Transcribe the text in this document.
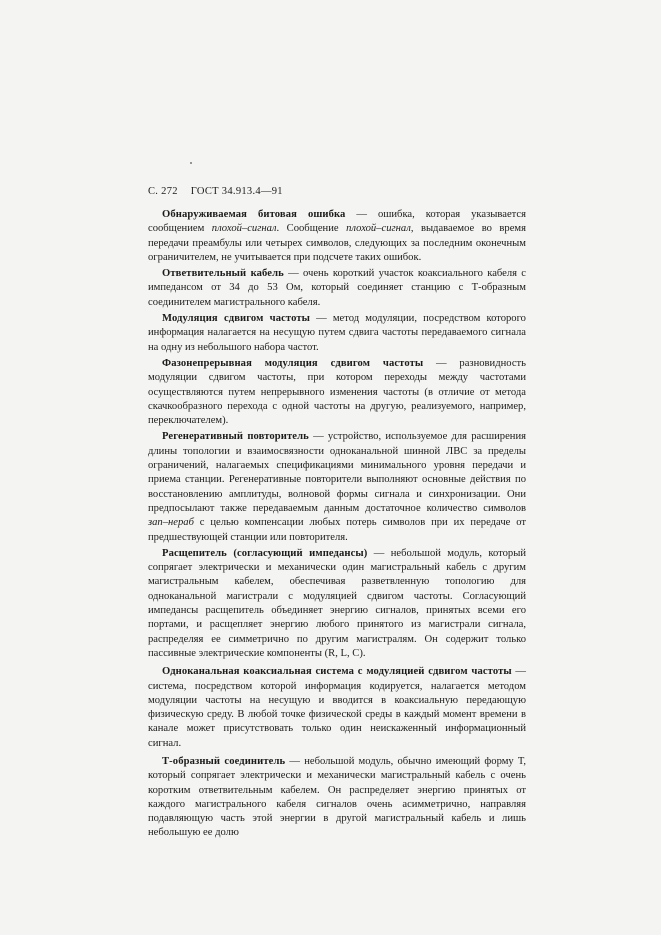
С. 272 ГОСТ 34.913.4—91

Обнаруживаемая битовая ошибка — ошибка, которая указывается сообщением плохой–сигнал. Сообщение плохой–сигнал, выдаваемое во время передачи преамбулы или четырех символов, следующих за последним оконечным ограничителем, не учитывается при подсчете таких ошибок.

Ответвительный кабель — очень короткий участок коаксиального кабеля с импедансом от 34 до 53 Ом, который соединяет станцию с Т-образным соединителем магистрального кабеля.

Модуляция сдвигом частоты — метод модуляции, посредством которого информация налагается на несущую путем сдвига частоты передаваемого сигнала на одну из небольшого набора частот.

Фазонепрерывная модуляция сдвигом частоты — разновидность модуляции сдвигом частоты, при котором переходы между частотами осуществляются путем непрерывного изменения частоты (в отличие от метода скачкообразного перехода с одной частоты на другую, реализуемого, например, переключателем).

Регенеративный повторитель — устройство, используемое для расширения длины топологии и взаимосвязности одноканальной шинной ЛВС за пределы ограничений, налагаемых спецификациями минимального уровня передачи и приема станции. Регенеративные повторители выполняют основные действия по восстановлению амплитуды, волновой формы сигнала и синхронизации. Они предпосылают также передаваемым данным достаточное количество символов зап–нераб с целью компенсации любых потерь символов при их передаче от предшествующей станции или повторителя.

Расщепитель (согласующий импедансы) — небольшой модуль, который сопрягает электрически и механически один магистральный кабель с другим магистральным кабелем, обеспечивая разветвленную топологию для одноканальной магистрали с модуляцией сдвигом частоты. Согласующий импедансы расщепитель объединяет энергию сигналов, принятых всеми его портами, и расщепляет энергию любого принятого из магистрали сигнала, распределяя ее симметрично по другим магистралям. Он содержит только пассивные электрические компоненты (R, L, C).

Одноканальная коаксиальная система с модуляцией сдвигом частоты — система, посредством которой информация кодируется, налагается методом модуляции частоты на несущую и вводится в коаксиальную передающую физическую среду. В любой точке физической среды в каждый момент времени в канале может присутствовать только один неискаженный информационный сигнал.

Т-образный соединитель — небольшой модуль, обычно имеющий форму Т, который сопрягает электрически и механически магистральный кабель с очень коротким ответвительным кабелем. Он распределяет энергию принятых от каждого магистрального кабеля сигналов очень асимметрично, направляя подавляющую часть этой энергии в другой магистральный кабель и лишь небольшую ее долю
